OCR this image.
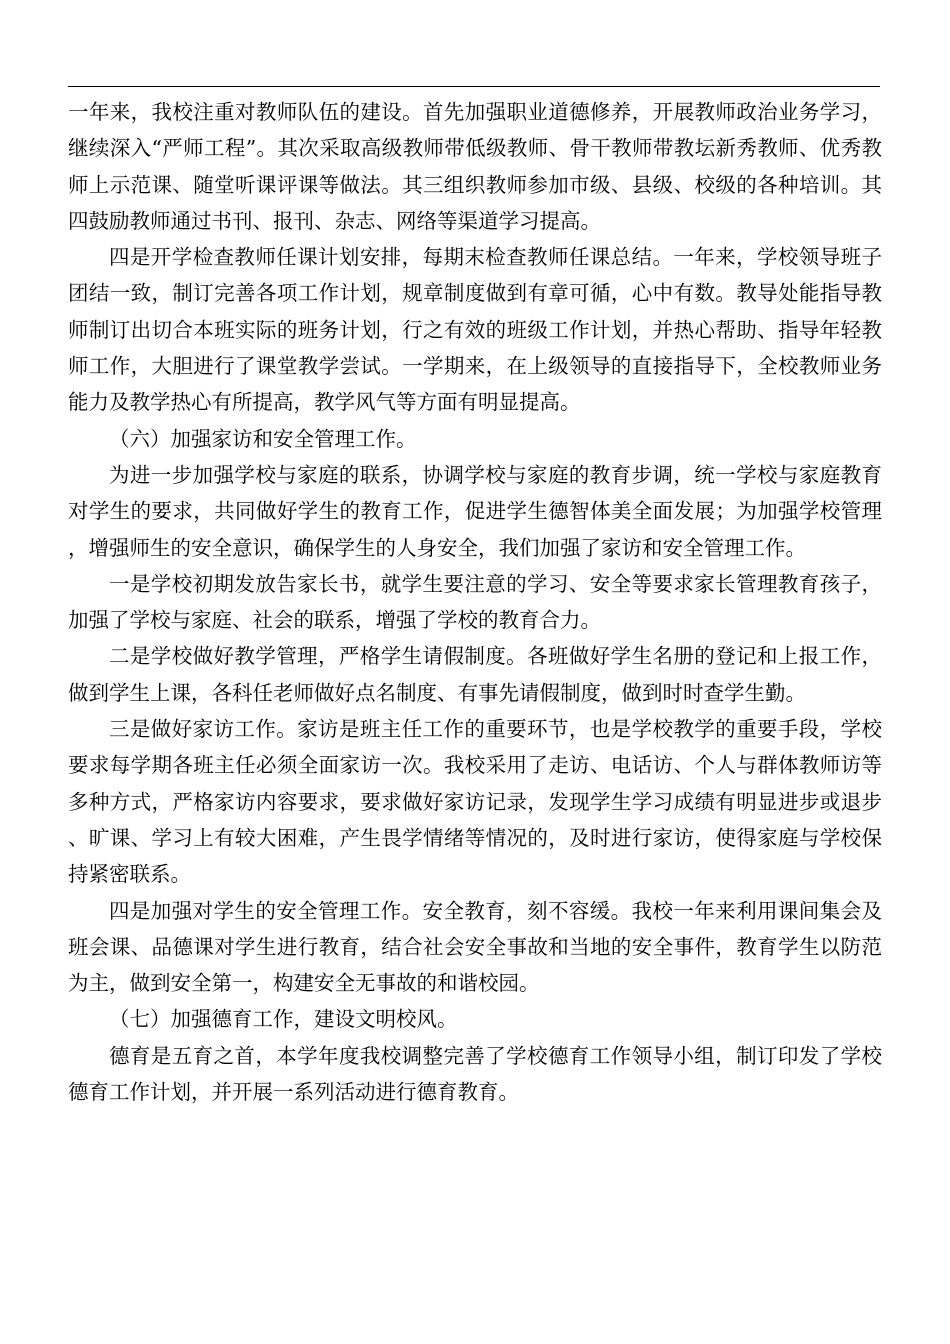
一年来，我校注重对教师队伍的建设。首先加强职业道德修养，开展教师政治业务学习，继续深入“严师工程”。其次采取高级教师带低级教师、骨干教师带教坛新秀教师、优秀教师上示范课、随堂听课评课等做法。其三组织教师参加市级、县级、校级的各种培训。其四鼓励教师通过书刊、报刊、杂志、网络等渠道学习提高。

四是开学检查教师任课计划安排，每期末检查教师任课总结。一年来，学校领导班子团结一致，制订完善各项工作计划，规章制度做到有章可循，心中有数。教导处能指导教师制订出切合本班实际的班务计划，行之有效的班级工作计划，并热心帮助、指导年轻教师工作，大胆进行了课堂教学尝试。一学期来，在上级领导的直接指导下，全校教师业务能力及教学热心有所提高，教学风气等方面有明显提高。

（六）加强家访和安全管理工作。

为进一步加强学校与家庭的联系，协调学校与家庭的教育步调，统一学校与家庭教育对学生的要求，共同做好学生的教育工作，促进学生德智体美全面发展；为加强学校管理，增强师生的安全意识，确保学生的人身安全，我们加强了家访和安全管理工作。

一是学校初期发放告家长书，就学生要注意的学习、安全等要求家长管理教育孩子，加强了学校与家庭、社会的联系，增强了学校的教育合力。

二是学校做好教学管理，严格学生请假制度。各班做好学生名册的登记和上报工作，做到学生上课，各科任老师做好点名制度、有事先请假制度，做到时时查学生勤。

三是做好家访工作。家访是班主任工作的重要环节，也是学校教学的重要手段，学校要求每学期各班主任必须全面家访一次。我校采用了走访、电话访、个人与群体教师访等多种方式，严格家访内容要求，要求做好家访记录，发现学生学习成绩有明显进步或退步、旷课、学习上有较大困难，产生畏学情绪等情况的，及时进行家访，使得家庭与学校保持紧密联系。

四是加强对学生的安全管理工作。安全教育，刻不容缓。我校一年来利用课间集会及班会课、品德课对学生进行教育，结合社会安全事故和当地的安全事件，教育学生以防范为主，做到安全第一，构建安全无事故的和谐校园。

（七）加强德育工作，建设文明校风。

德育是五育之首，本学年度我校调整完善了学校德育工作领导小组，制订印发了学校德育工作计划，并开展一系列活动进行德育教育。
